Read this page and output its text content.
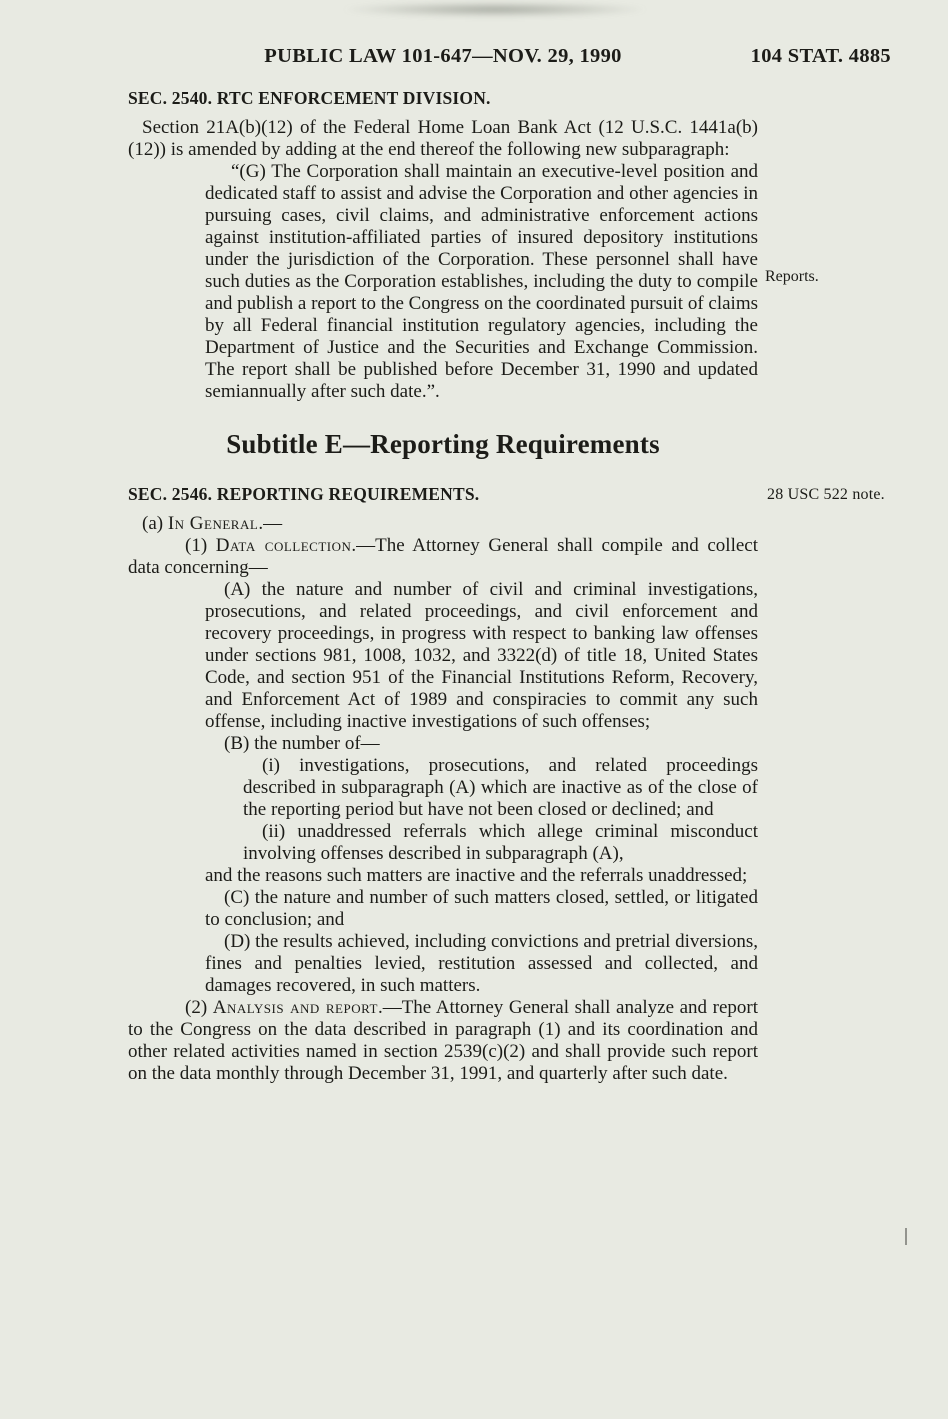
PUBLIC LAW 101-647—NOV. 29, 1990	104 STAT. 4885
SEC. 2540. RTC ENFORCEMENT DIVISION.
Section 21A(b)(12) of the Federal Home Loan Bank Act (12 U.S.C. 1441a(b)(12)) is amended by adding at the end thereof the following new subparagraph:
“(G) The Corporation shall maintain an executive-level position and dedicated staff to assist and advise the Corporation and other agencies in pursuing cases, civil claims, and administrative enforcement actions against institution-affiliated parties of insured depository institutions under the jurisdiction of the Corporation. These personnel shall have such duties as the Corporation establishes, including the duty to compile and publish a report to the Congress on the coordinated pursuit of claims by all Federal financial institution regulatory agencies, including the Department of Justice and the Securities and Exchange Commission. The report shall be published before December 31, 1990 and updated semiannually after such date.”.
Reports.
Subtitle E—Reporting Requirements
SEC. 2546. REPORTING REQUIREMENTS.	28 USC 522 note.
(a) In General.—
(1) Data collection.—The Attorney General shall compile and collect data concerning—
(A) the nature and number of civil and criminal investigations, prosecutions, and related proceedings, and civil enforcement and recovery proceedings, in progress with respect to banking law offenses under sections 981, 1008, 1032, and 3322(d) of title 18, United States Code, and section 951 of the Financial Institutions Reform, Recovery, and Enforcement Act of 1989 and conspiracies to commit any such offense, including inactive investigations of such offenses;
(B) the number of—
(i) investigations, prosecutions, and related proceedings described in subparagraph (A) which are inactive as of the close of the reporting period but have not been closed or declined; and
(ii) unaddressed referrals which allege criminal misconduct involving offenses described in subparagraph (A),
and the reasons such matters are inactive and the referrals unaddressed;
(C) the nature and number of such matters closed, settled, or litigated to conclusion; and
(D) the results achieved, including convictions and pretrial diversions, fines and penalties levied, restitution assessed and collected, and damages recovered, in such matters.
(2) Analysis and report.—The Attorney General shall analyze and report to the Congress on the data described in paragraph (1) and its coordination and other related activities named in section 2539(c)(2) and shall provide such report on the data monthly through December 31, 1991, and quarterly after such date.
